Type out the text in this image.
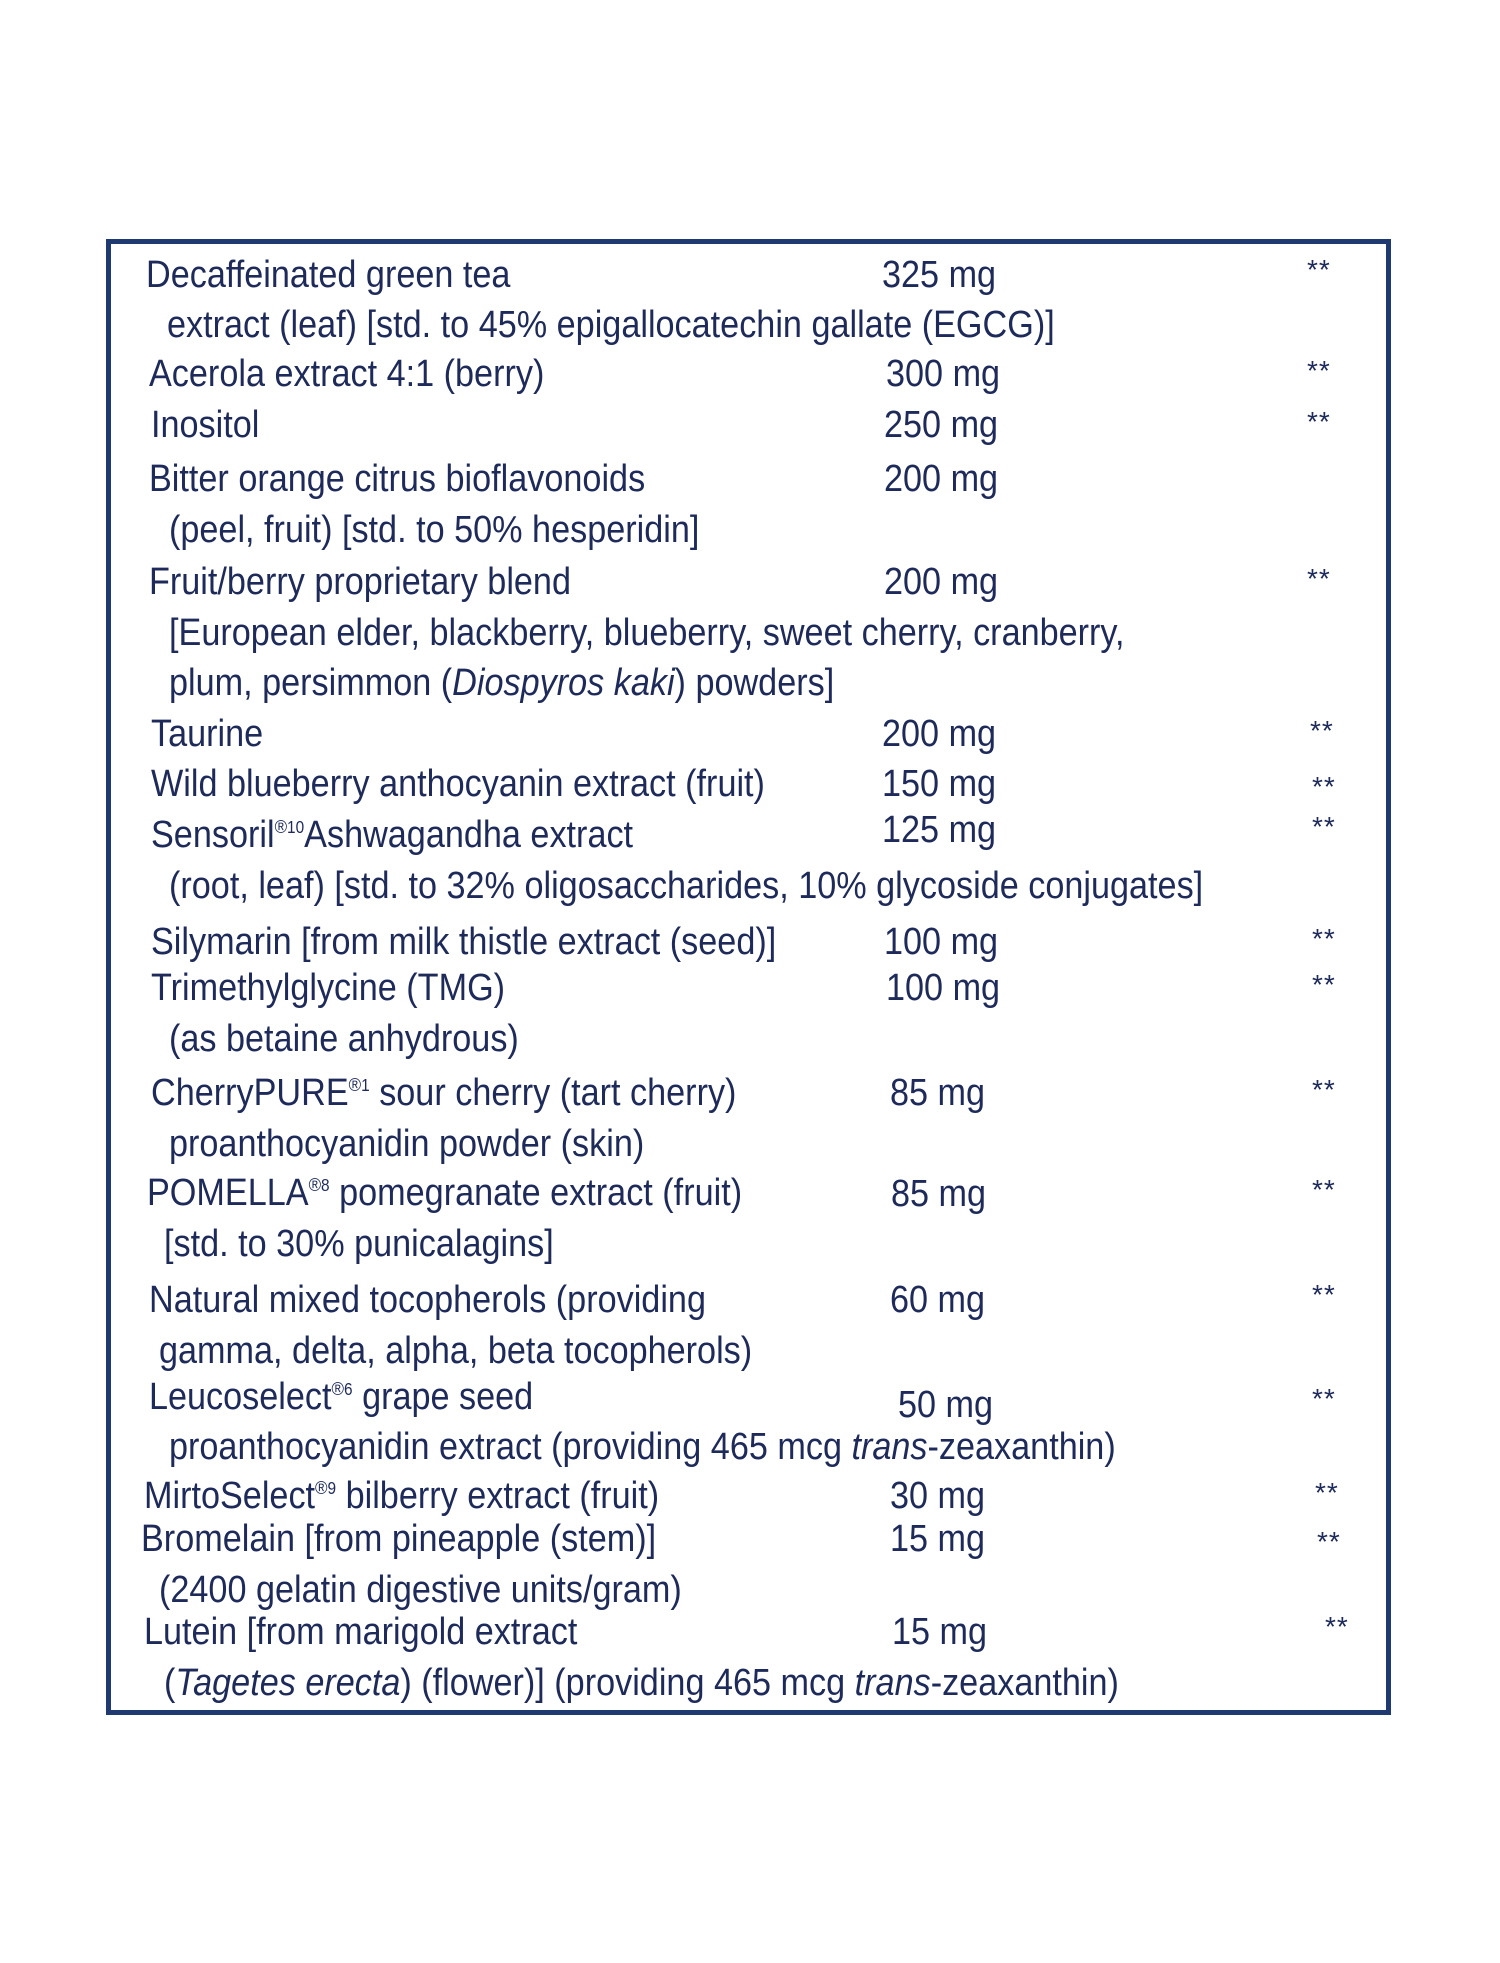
Decaffeinated green tea	325 mg	**
extract (leaf) [std. to 45% epigallocatechin gallate (EGCG)]
Acerola extract 4:1 (berry)	300 mg	**
Inositol	250 mg	**
Bitter orange citrus bioflavonoids	200 mg
(peel, fruit) [std. to 50% hesperidin]
Fruit/berry proprietary blend	200 mg	**
[European elder, blackberry, blueberry, sweet cherry, cranberry,
plum, persimmon (Diospyros kaki) powders]
Taurine	200 mg	**
Wild blueberry anthocyanin extract (fruit)	150 mg	**
Sensoril$^{®10}$Ashwagandha extract	125 mg	**
(root, leaf) [std. to 32% oligosaccharides, 10% glycoside conjugates]
Silymarin [from milk thistle extract (seed)]	100 mg	**
Trimethylglycine (TMG)	100 mg	**
(as betaine anhydrous)
CherryPURE$^{®1}$ sour cherry (tart cherry)	85 mg	**
proanthocyanidin powder (skin)
$POMELLA^{®8}$ pomegranate extract (fruit)	85 mg	**
[std. to 30% punicalagins]
Natural mixed tocopherols (providing	60 mg	**
gamma, delta, alpha, beta tocopherols)
Leucoselect$^{®6}$ grape seed	50 mg	**
proanthocyanidin extract (providing 465 mcg trans-zeaxanthin)
MirtoSelect$^{®9}$ bilberry extract (fruit)	30 mg	**
Bromelain [from pineapple (stem)]	15 mg	**
(2400 gelatin digestive units/gram)
Lutein [from marigold extract	15 mg	**
(Tagetes erecta) (flower)] (providing 465 mcg trans-zeaxanthin)
